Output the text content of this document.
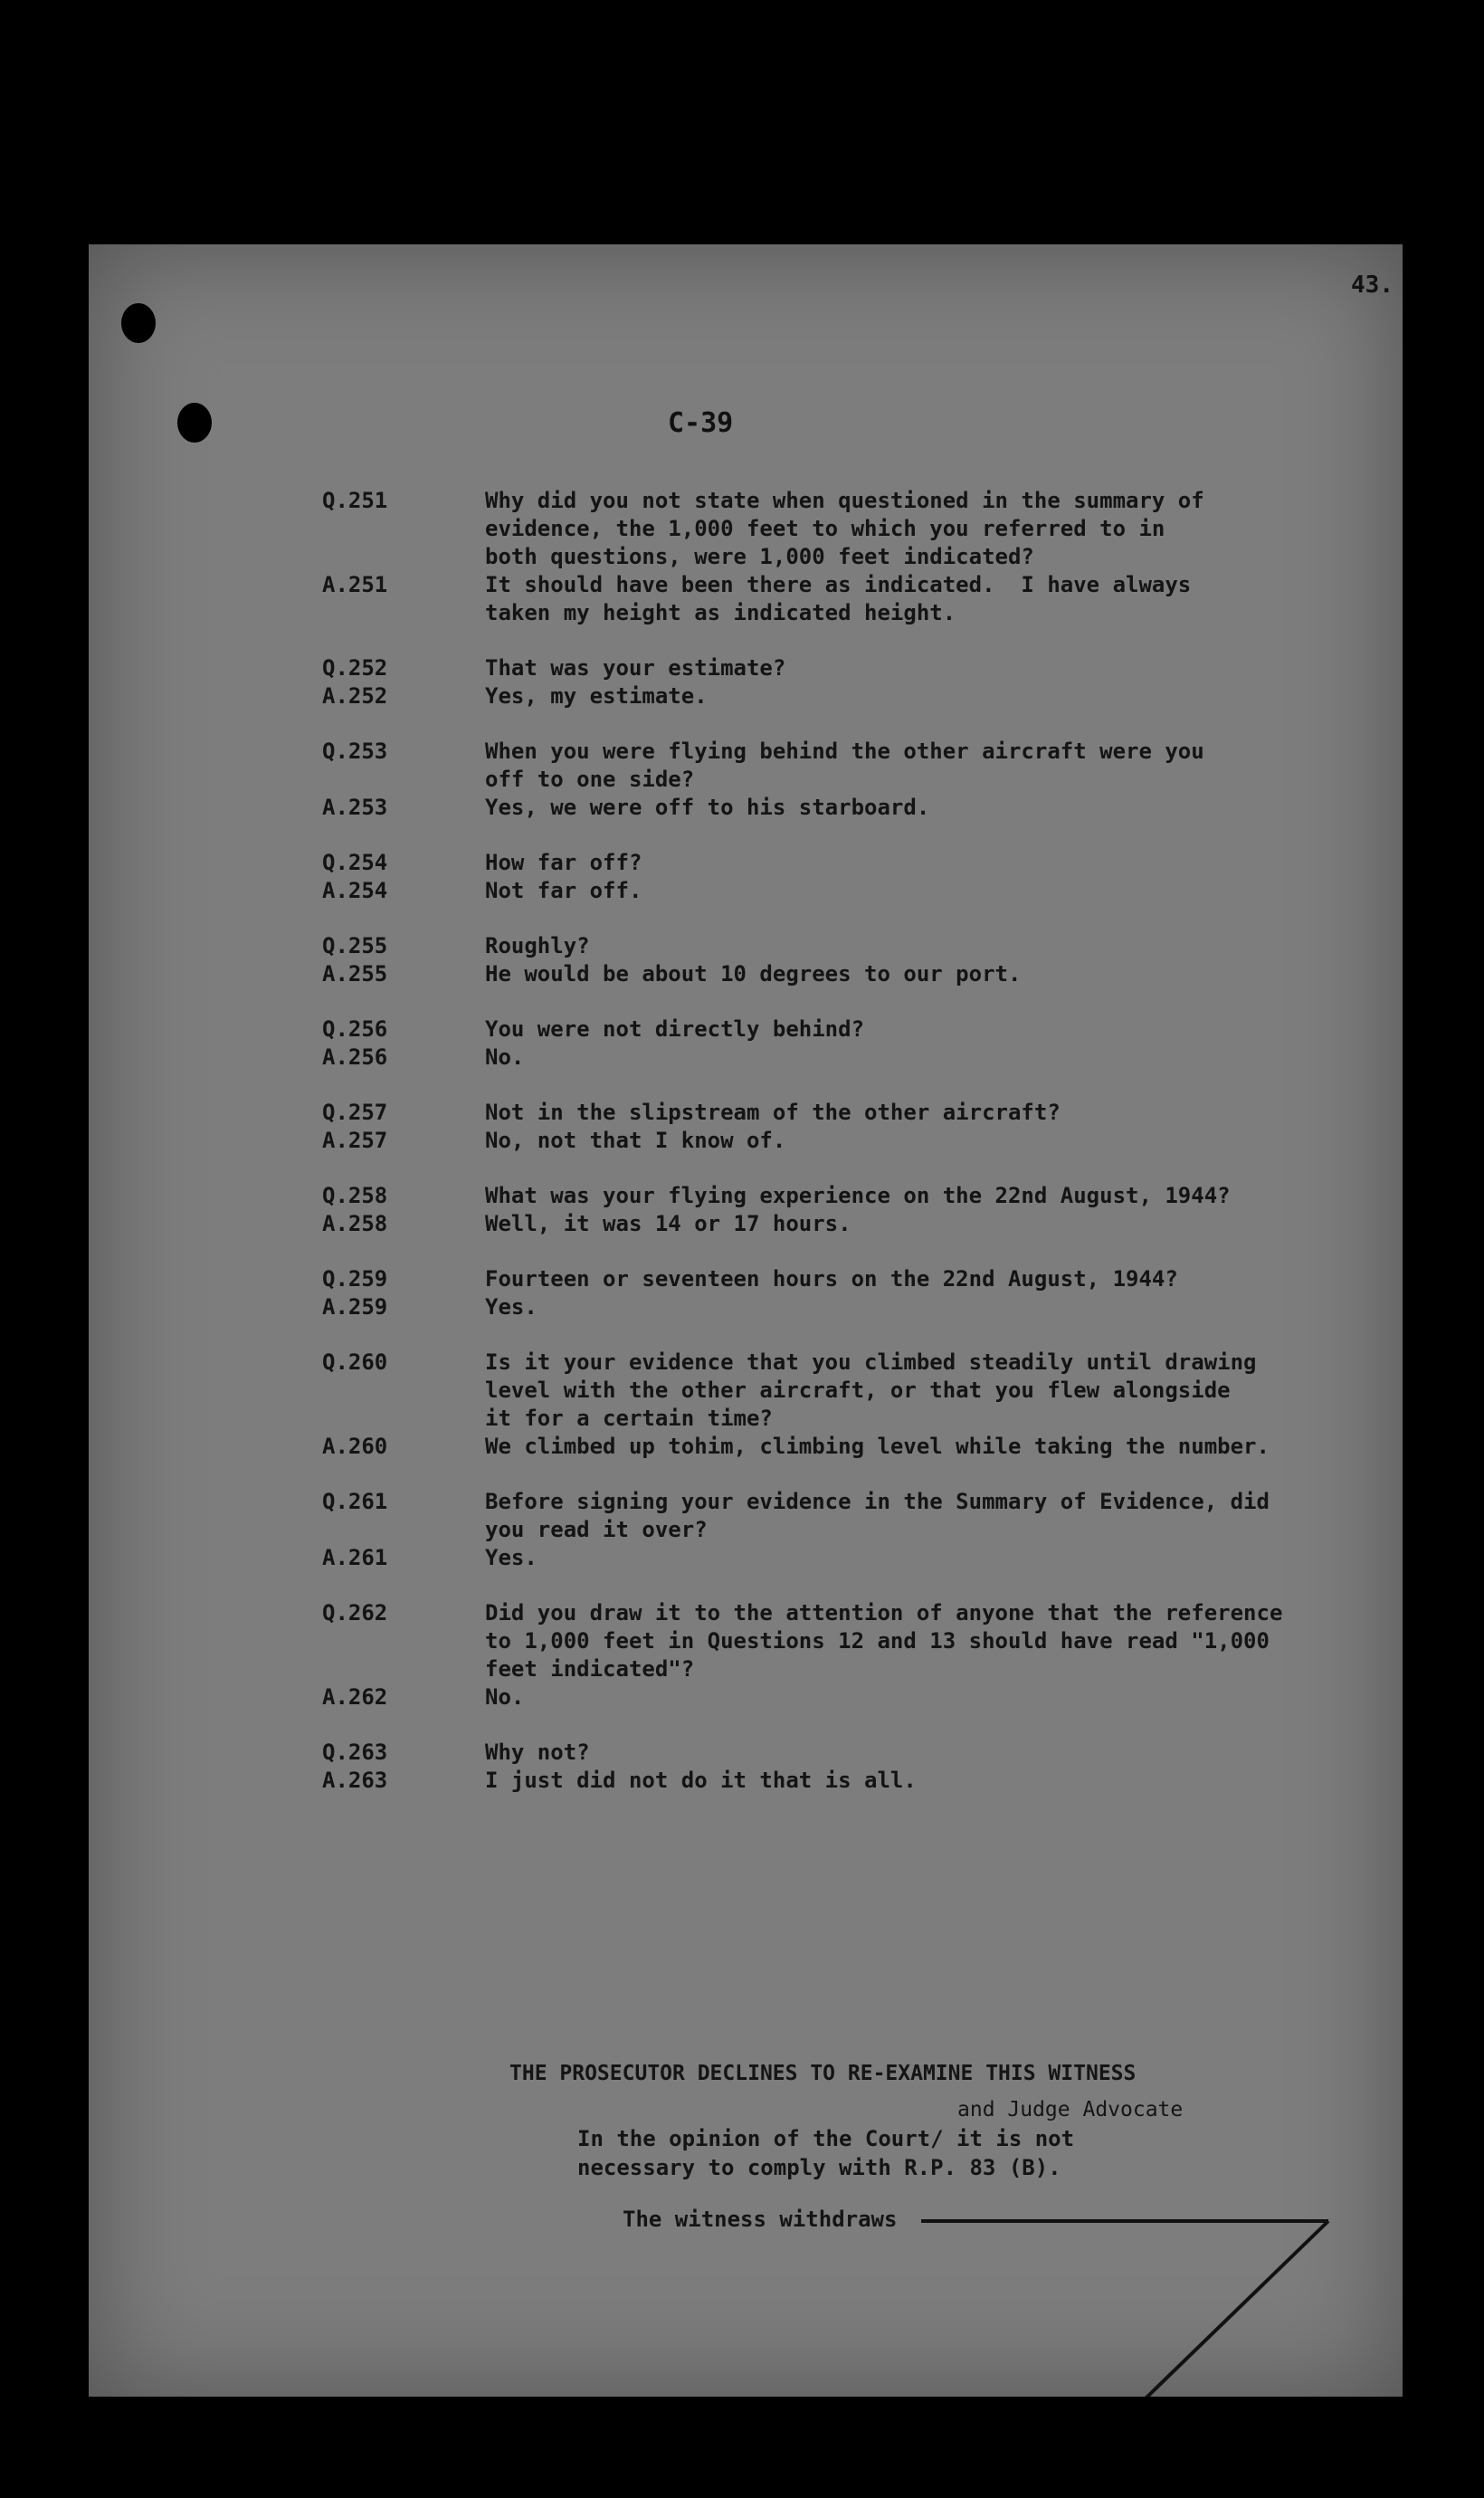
43.
C-39
Q.251	Why did you not state when questioned in the summary of
evidence, the 1,000 feet to which you referred to in
both questions, were 1,000 feet indicated?
A.251	It should have been there as indicated.  I have always
taken my height as indicated height.
Q.252	That was your estimate?
A.252	Yes, my estimate.
Q.253	When you were flying behind the other aircraft were you
off to one side?
A.253	Yes, we were off to his starboard.
Q.254	How far off?
A.254	Not far off.
Q.255	Roughly?
A.255	He would be about 10 degrees to our port.
Q.256	You were not directly behind?
A.256	No.
Q.257	Not in the slipstream of the other aircraft?
A.257	No, not that I know of.
Q.258	What was your flying experience on the 22nd August, 1944?
A.258	Well, it was 14 or 17 hours.
Q.259	Fourteen or seventeen hours on the 22nd August, 1944?
A.259	Yes.
Q.260	Is it your evidence that you climbed steadily until drawing
level with the other aircraft, or that you flew alongside
it for a certain time?
A.260	We climbed up tohim, climbing level while taking the number.
Q.261	Before signing your evidence in the Summary of Evidence, did
you read it over?
A.261	Yes.
Q.262	Did you draw it to the attention of anyone that the reference
to 1,000 feet in Questions 12 and 13 should have read "1,000
feet indicated"?
A.262	No.
Q.263	Why not?
A.263	I just did not do it that is all.
THE PROSECUTOR DECLINES TO RE-EXAMINE THIS WITNESS
and Judge Advocate
In the opinion of the Court/ it is not
necessary to comply with R.P. 83 (B).
The witness withdraws
